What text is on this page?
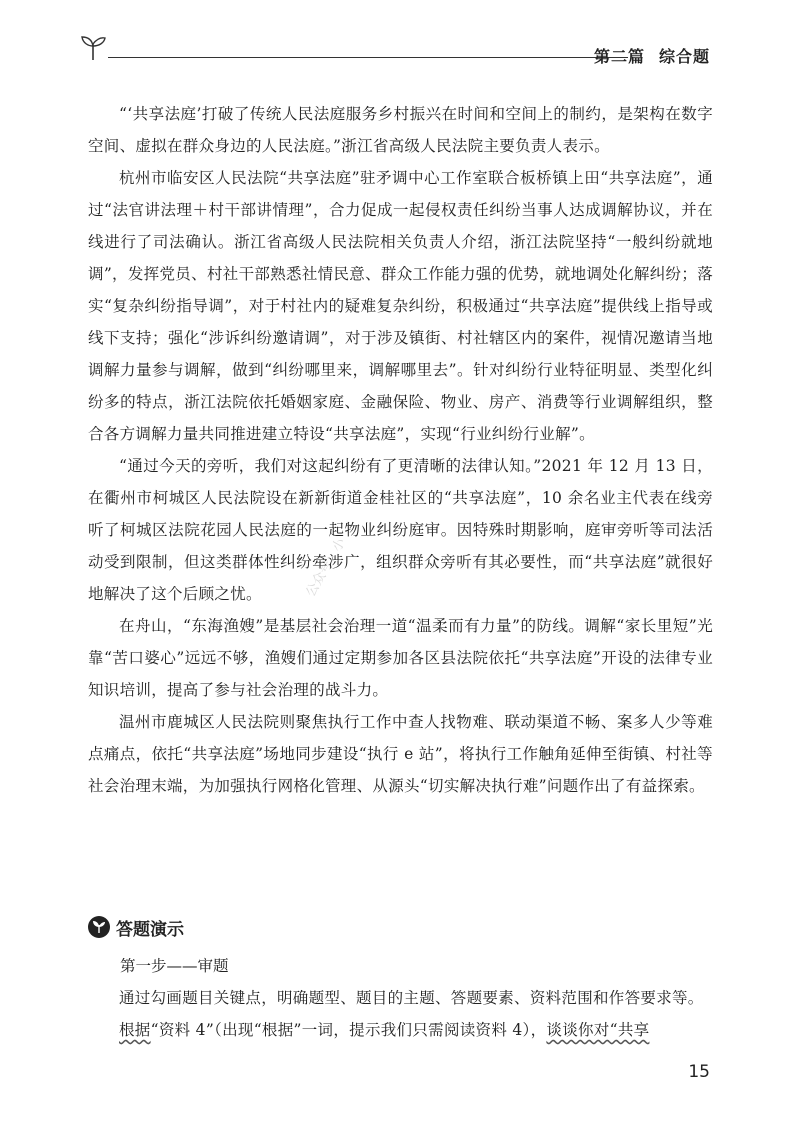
第二篇 综合题

“‘共享法庭’打破了传统人民法庭服务乡村振兴在时间和空间上的制约，是架构在数字空间、虚拟在群众身边的人民法庭。”浙江省高级人民法院主要负责人表示。

杭州市临安区人民法院“共享法庭”驻矛调中心工作室联合板桥镇上田“共享法庭”，通过“法官讲法理＋村干部讲情理”，合力促成一起侵权责任纠纷当事人达成调解协议，并在线进行了司法确认。浙江省高级人民法院相关负责人介绍，浙江法院坚持“一般纠纷就地调”，发挥党员、村社干部熟悉社情民意、群众工作能力强的优势，就地调处化解纠纷；落实“复杂纠纷指导调”，对于村社内的疑难复杂纠纷，积极通过“共享法庭”提供线上指导或线下支持；强化“涉诉纠纷邀请调”，对于涉及镇街、村社辖区内的案件，视情况邀请当地调解力量参与调解，做到“纠纷哪里来，调解哪里去”。针对纠纷行业特征明显、类型化纠纷多的特点，浙江法院依托婚姻家庭、金融保险、物业、房产、消费等行业调解组织，整合各方调解力量共同推进建立特设“共享法庭”，实现“行业纠纷行业解”。

“通过今天的旁听，我们对这起纠纷有了更清晰的法律认知。”2021 年 12 月 13 日，在衢州市柯城区人民法院设在新新街道金桂社区的“共享法庭”，10 余名业主代表在线旁听了柯城区法院花园人民法庭的一起物业纠纷庭审。因特殊时期影响，庭审旁听等司法活动受到限制，但这类群体性纠纷牵涉广，组织群众旁听有其必要性，而“共享法庭”就很好地解决了这个后顾之忧。

在舟山，“东海渔嫂”是基层社会治理一道“温柔而有力量”的防线。调解“家长里短”光靠“苦口婆心”远远不够，渔嫂们通过定期参加各区县法院依托“共享法庭”开设的法律专业知识培训，提高了参与社会治理的战斗力。

温州市鹿城区人民法院则聚焦执行工作中查人找物难、联动渠道不畅、案多人少等难点痛点，依托“共享法庭”场地同步建设“执行 e 站”，将执行工作触角延伸至街镇、村社等社会治理末端，为加强执行网格化管理、从源头“切实解决执行难”问题作出了有益探索。

公众号：小
答题演示
第一步——审题

通过勾画题目关键点，明确题型、题目的主题、答题要素、资料范围和作答要求等。

根据“资料 4”（出现“根据”一词，提示我们只需阅读资料 4），谈谈你对“共享

15
